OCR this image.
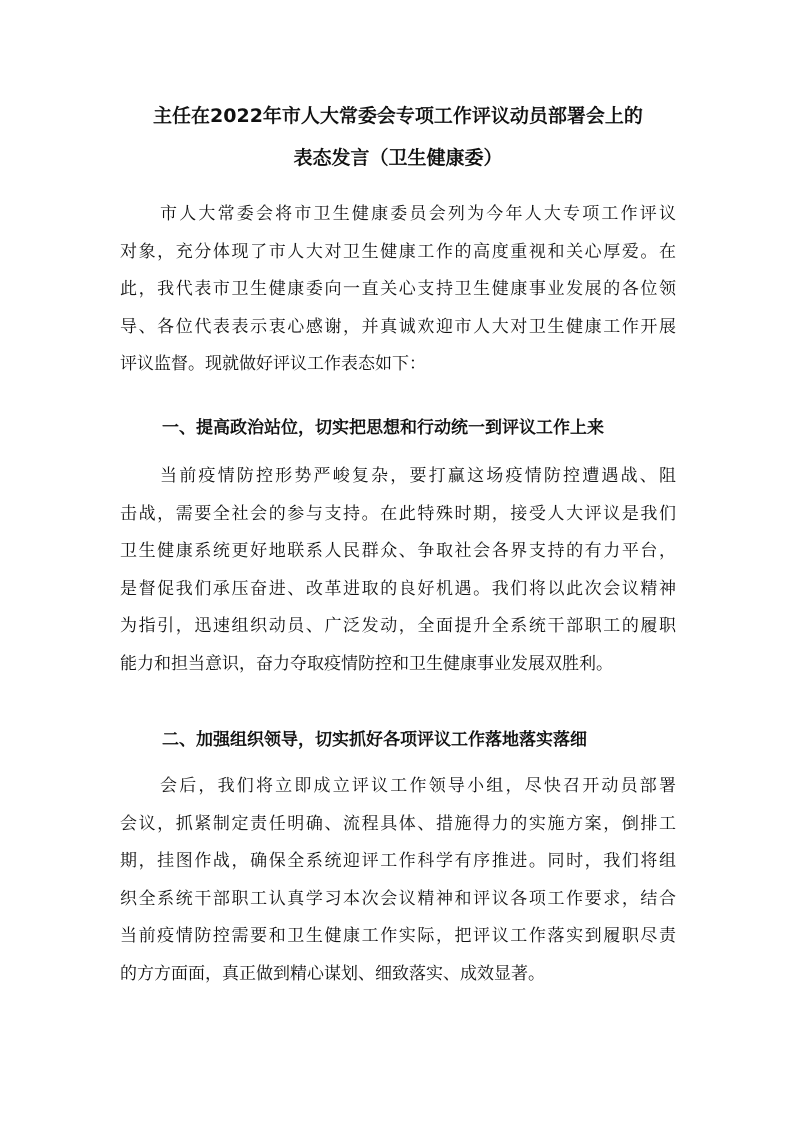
主任在2022年市人大常委会专项工作评议动员部署会上的
表态发言（卫生健康委）

市人大常委会将市卫生健康委员会列为今年人大专项工作评议
对象，充分体现了市人大对卫生健康工作的高度重视和关心厚爱。在
此，我代表市卫生健康委向一直关心支持卫生健康事业发展的各位领
导、各位代表表示衷心感谢，并真诚欢迎市人大对卫生健康工作开展
评议监督。现就做好评议工作表态如下：

一、提高政治站位，切实把思想和行动统一到评议工作上来

当前疫情防控形势严峻复杂，要打赢这场疫情防控遭遇战、阻
击战，需要全社会的参与支持。在此特殊时期，接受人大评议是我们
卫生健康系统更好地联系人民群众、争取社会各界支持的有力平台，
是督促我们承压奋进、改革进取的良好机遇。我们将以此次会议精神
为指引，迅速组织动员、广泛发动，全面提升全系统干部职工的履职
能力和担当意识，奋力夺取疫情防控和卫生健康事业发展双胜利。

二、加强组织领导，切实抓好各项评议工作落地落实落细

会后，我们将立即成立评议工作领导小组，尽快召开动员部署
会议，抓紧制定责任明确、流程具体、措施得力的实施方案，倒排工
期，挂图作战，确保全系统迎评工作科学有序推进。同时，我们将组
织全系统干部职工认真学习本次会议精神和评议各项工作要求，结合
当前疫情防控需要和卫生健康工作实际，把评议工作落实到履职尽责
的方方面面，真正做到精心谋划、细致落实、成效显著。
